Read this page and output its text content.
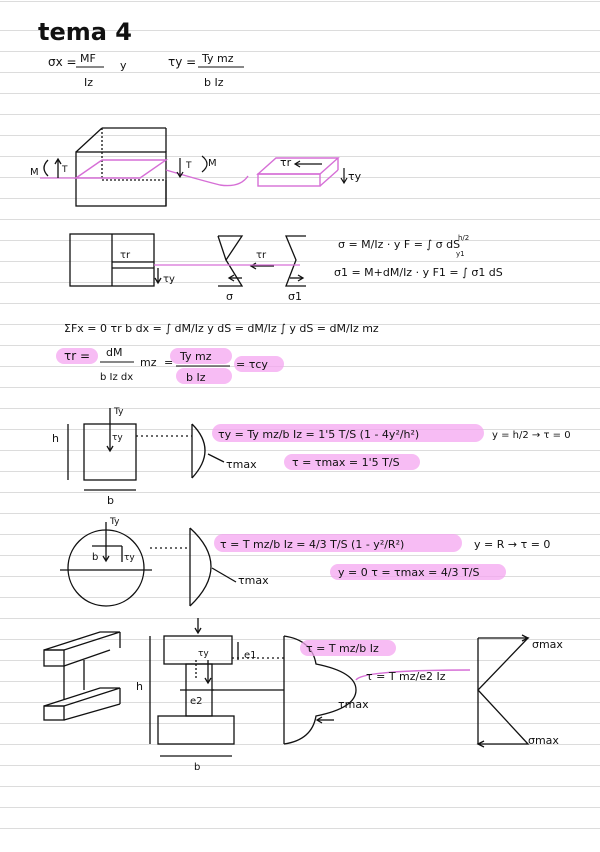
tema 4
σx = MF
Iz
y	τy = Ty mz
b Iz
M	T	T M	τr
τy
τr
τy
τr
σ	σ1
σ = M/Iz · y F = ∫ σ dS
σ1 = M+dM/Iz · y F1 = ∫ σ1 dS
h/2
y1
ΣFx = 0 τr b dx = ∫ dM/Iz y dS = dM/Iz ∫ y dS = dM/Iz mz
τr = dM
b Iz dx
mz = Ty mz
b Iz
= τcy
Ty
h
b
τy
τmax
τy = Ty mz/b Iz = 1'5 T/S (1 - 4y²/h²)	y = h/2 → τ = 0
τ = τmax = 1'5 T/S
Ty
b	τy
τmax
τ = T mz/b Iz = 4/3 T/S (1 - y²/R²)	y = R → τ = 0
y = 0 τ = τmax = 4/3 T/S
h
b
e1
e2
τy
τmax
τ = T mz/b Iz
τ = T mz/e2 Iz
σmax
σmax
